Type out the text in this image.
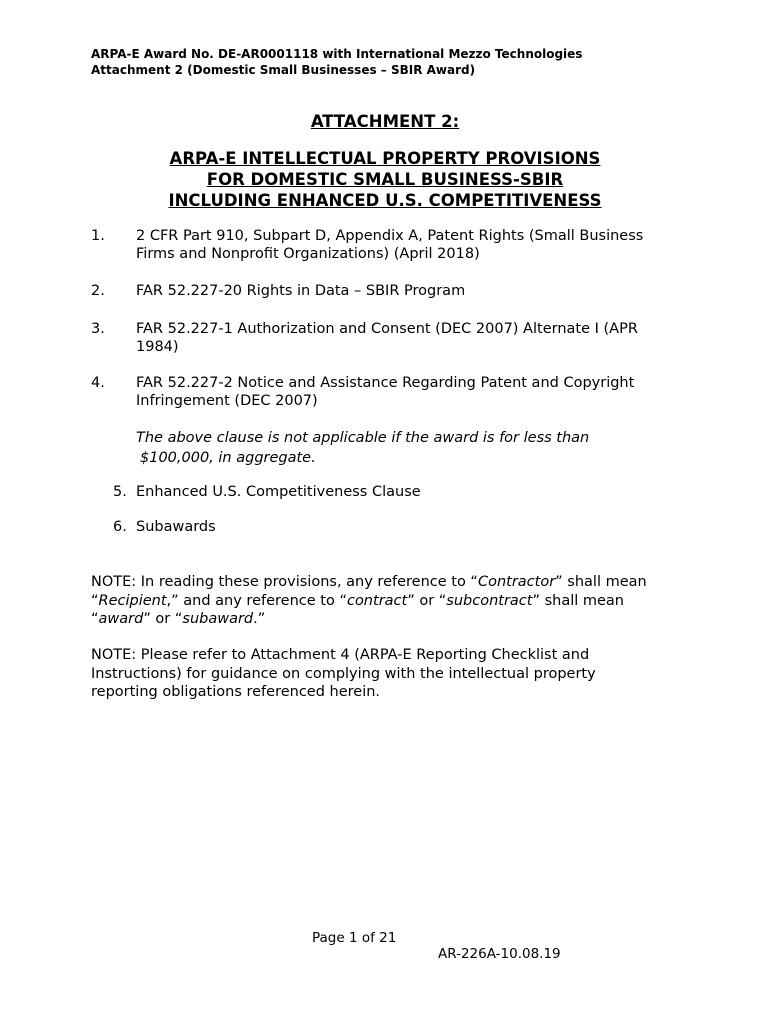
ARPA-E Award No. DE-AR0001118 with International Mezzo Technologies
Attachment 2 (Domestic Small Businesses – SBIR Award)
ATTACHMENT 2:
ARPA-E INTELLECTUAL PROPERTY PROVISIONS
FOR DOMESTIC SMALL BUSINESS-SBIR
INCLUDING ENHANCED U.S. COMPETITIVENESS
1. 2 CFR Part 910, Subpart D, Appendix A, Patent Rights (Small Business
Firms and Nonprofit Organizations) (April 2018)
2. FAR 52.227-20 Rights in Data – SBIR Program
3. FAR 52.227-1 Authorization and Consent (DEC 2007) Alternate I (APR
1984)
4. FAR 52.227-2 Notice and Assistance Regarding Patent and Copyright
Infringement (DEC 2007)
The above clause is not applicable if the award is for less than
$100,000, in aggregate.
5. Enhanced U.S. Competitiveness Clause
6. Subawards
NOTE: In reading these provisions, any reference to “Contractor” shall mean
“Recipient,” and any reference to “contract” or “subcontract” shall mean
“award” or “subaward.”
NOTE: Please refer to Attachment 4 (ARPA-E Reporting Checklist and
Instructions) for guidance on complying with the intellectual property
reporting obligations referenced herein.
Page 1 of 21
AR-226A-10.08.19
